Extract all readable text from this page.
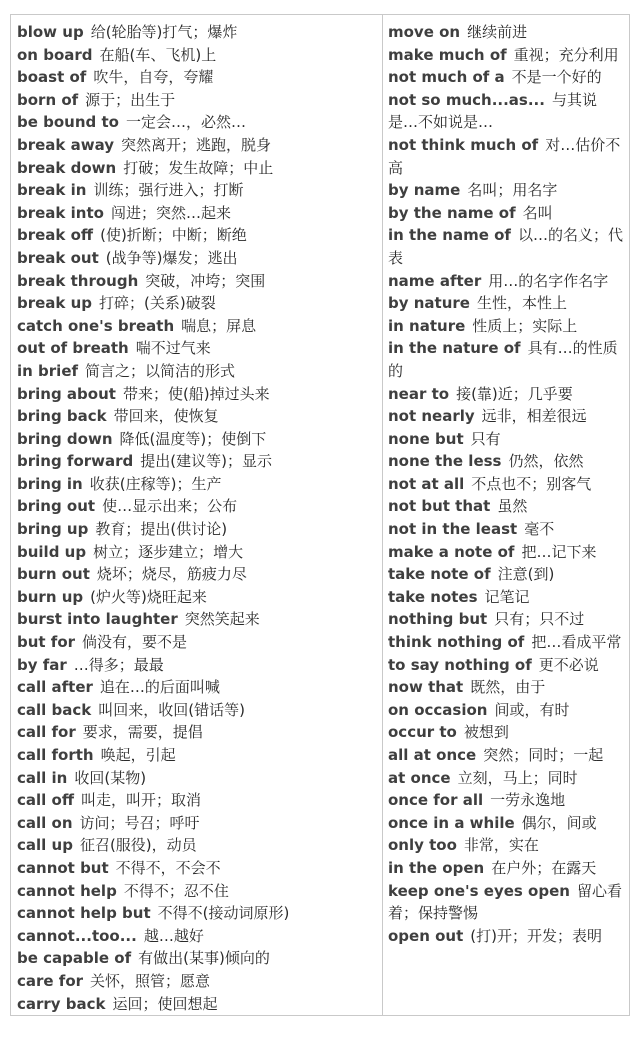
blow up 给(轮胎等)打气；爆炸
on board 在船(车、飞机)上
boast of 吹牛，自夸，夸耀
born of 源于；出生于
be bound to 一定会…，必然…
break away 突然离开；逃跑，脱身
break down 打破；发生故障；中止
break in 训练；强行进入；打断
break into 闯进；突然…起来
break off (使)折断；中断；断绝
break out (战争等)爆发；逃出
break through 突破，冲垮；突围
break up 打碎；(关系)破裂
catch one's breath 喘息；屏息
out of breath 喘不过气来
in brief 简言之；以简洁的形式
bring about 带来；使(船)掉过头来
bring back 带回来，使恢复
bring down 降低(温度等)；使倒下
bring forward 提出(建议等)；显示
bring in 收获(庄稼等)；生产
bring out 使…显示出来；公布
bring up 教育；提出(供讨论)
build up 树立；逐步建立；增大
burn out 烧坏；烧尽，筋疲力尽
burn up (炉火等)烧旺起来
burst into laughter 突然笑起来
but for 倘没有，要不是
by far …得多；最最
call after 追在…的后面叫喊
call back 叫回来，收回(错话等)
call for 要求，需要，提倡
call forth 唤起，引起
call in 收回(某物)
call off 叫走，叫开；取消
call on 访问；号召；呼吁
call up 征召(服役)，动员
cannot but 不得不，不会不
cannot help 不得不；忍不住
cannot help but 不得不(接动词原形)
cannot...too... 越…越好
be capable of 有做出(某事)倾向的
care for 关怀，照管；愿意
carry back 运回；使回想起
move on 继续前进
make much of 重视；充分利用
not much of a 不是一个好的
not so much...as... 与其说是…不如说是…
not think much of 对…估价不高
by name 名叫；用名字
by the name of 名叫
in the name of 以…的名义；代表
name after 用…的名字作名字
by nature 生性，本性上
in nature 性质上；实际上
in the nature of 具有…的性质的
near to 接(靠)近；几乎要
not nearly 远非，相差很远
none but 只有
none the less 仍然，依然
not at all 不点也不；别客气
not but that 虽然
not in the least 毫不
make a note of 把…记下来
take note of 注意(到)
take notes 记笔记
nothing but 只有；只不过
think nothing of 把…看成平常
to say nothing of 更不必说
now that 既然，由于
on occasion 间或，有时
occur to 被想到
all at once 突然；同时；一起
at once 立刻，马上；同时
once for all 一劳永逸地
once in a while 偶尔，间或
only too 非常，实在
in the open 在户外；在露天
keep one's eyes open 留心看着；保持警惕
open out (打)开；开发；表明
